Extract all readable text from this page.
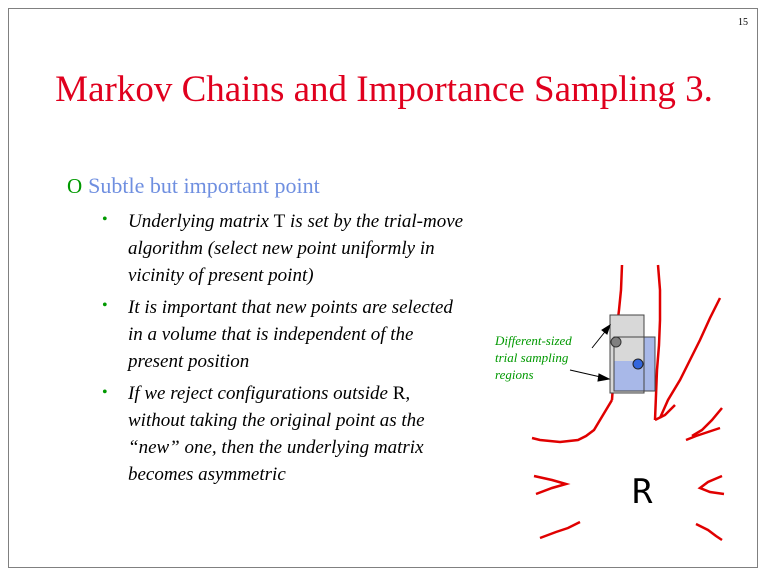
15
Markov Chains and Importance Sampling 3.
O Subtle but important point
• Underlying matrix T is set by the trial-move
algorithm (select new point uniformly in
vicinity of present point)
• It is important that new points are selected
in a volume that is independent of the
present position
• If we reject configurations outside R,
without taking the original point as the
“new” one, then the underlying matrix
becomes asymmetric
Different-sized
trial sampling
regions
R
